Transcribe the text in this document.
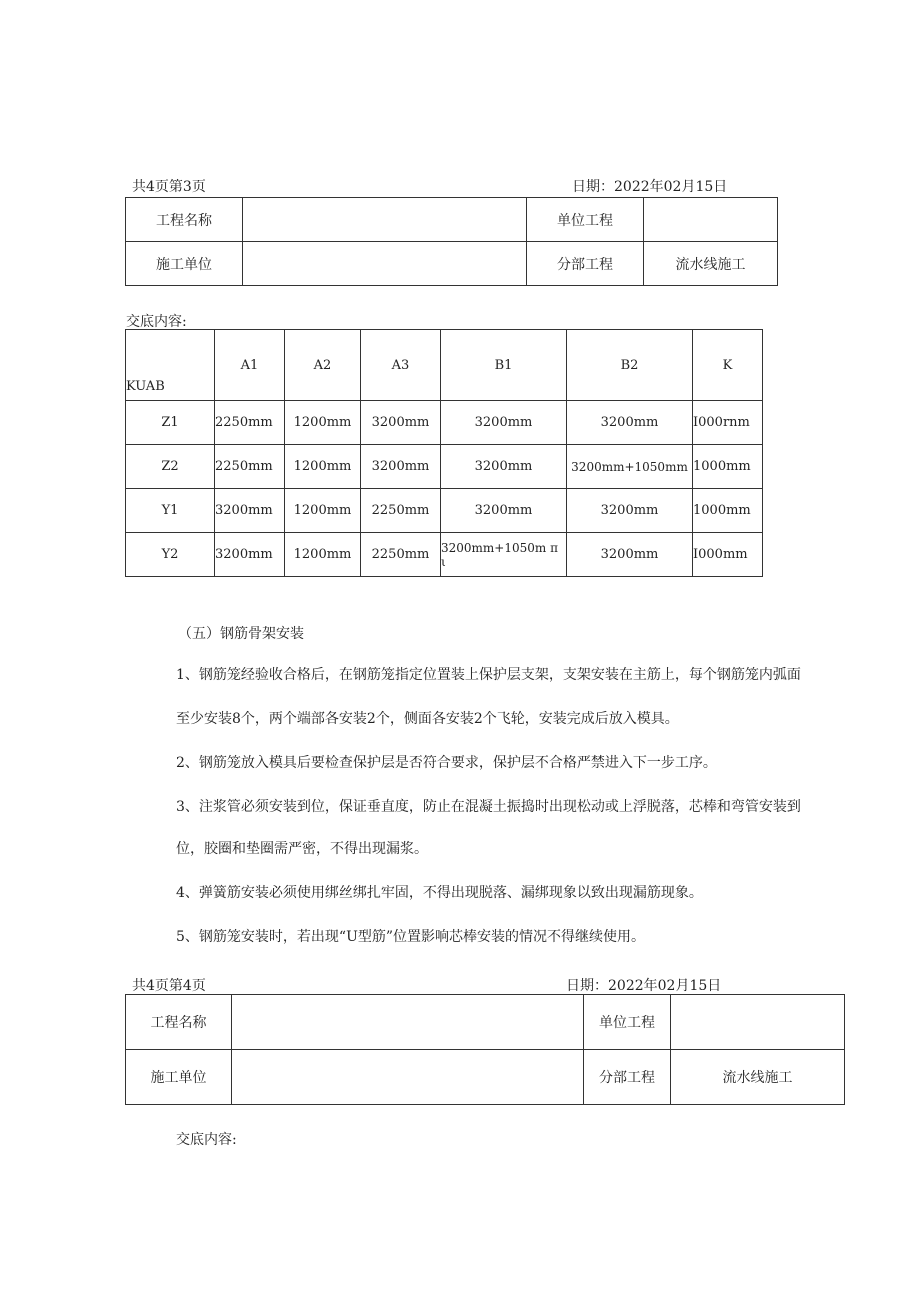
共4页第3页	日期：2022年02月15日
工程名称		单位工程	
施工单位		分部工程	流水线施工
交底内容:
KUAB	A1	A2	A3	B1	B2	K
Z1	2250mm	1200mm	3200mm	3200mm	3200mm	I000rnm
Z2	2250mm	1200mm	3200mm	3200mm	3200mm+1050mm	1000mm
Y1	3200mm	1200mm	2250mm	3200mm	3200mm	1000mm
Y2	3200mm	1200mm	2250mm	3200mm+1050m π ι	3200mm	I000mm
（五）钢筋骨架安装
1、钢筋笼经验收合格后，在钢筋笼指定位置装上保护层支架，支架安装在主筋上，每个钢筋笼内弧面
至少安装8个，两个端部各安装2个，侧面各安装2个飞轮，安装完成后放入模具。
2、钢筋笼放入模具后要检查保护层是否符合要求，保护层不合格严禁进入下一步工序。
3、注浆管必须安装到位，保证垂直度，防止在混凝土振捣时出现松动或上浮脱落，芯棒和弯管安装到
位，胶圈和垫圈需严密，不得出现漏浆。
4、弹簧筋安装必须使用绑丝绑扎牢固，不得出现脱落、漏绑现象以致出现漏筋现象。
5、钢筋笼安装时，若出现“U型筋”位置影响芯棒安装的情况不得继续使用。
共4页第4页	日期：2022年02月15日
工程名称		单位工程	
施工单位		分部工程	流水线施工
交底内容:
